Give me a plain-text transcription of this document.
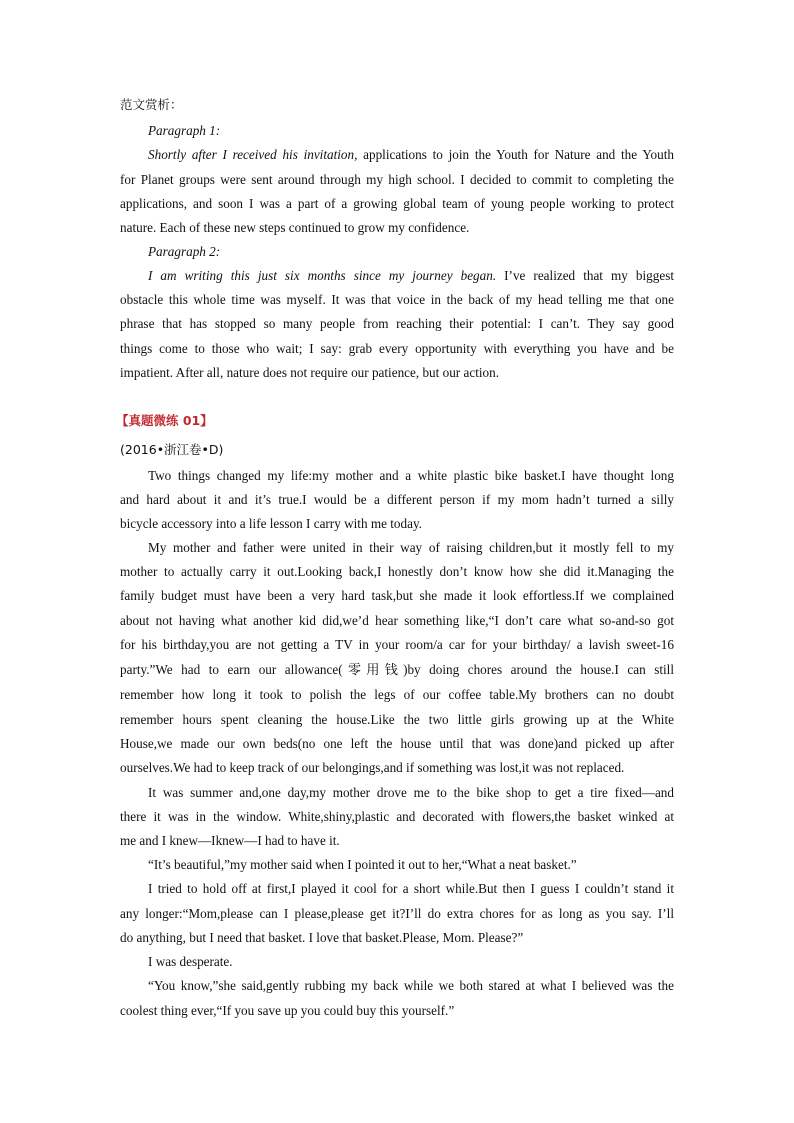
范文赏析：
Paragraph 1:
Shortly after I received his invitation, applications to join the Youth for Nature and the Youth
for Planet groups were sent around through my high school. I decided to commit to completing the
applications, and soon I was a part of a growing global team of young people working to protect
nature. Each of these new steps continued to grow my confidence.
Paragraph 2:
I am writing this just six months since my journey began. I’ve realized that my biggest
obstacle this whole time was myself. It was that voice in the back of my head telling me that one
phrase that has stopped so many people from reaching their potential: I can’t. They say good
things come to those who wait; I say: grab every opportunity with everything you have and be
impatient. After all, nature does not require our patience, but our action.
【真题微练 01】
(2016•浙江卷•D)
Two things changed my life:my mother and a white plastic bike basket.I have thought long
and hard about it and it’s true.I would be a different person if my mom hadn’t turned a silly
bicycle accessory into a life lesson I carry with me today.
My mother and father were united in their way of raising children,but it mostly fell to my
mother to actually carry it out.Looking back,I honestly don’t know how she did it.Managing the
family budget must have been a very hard task,but she made it look effortless.If we complained
about not having what another kid did,we’d hear something like,“I don’t care what so-and-so got
for his birthday,you are not getting a TV in your room/a car for your birthday/ a lavish sweet-16
party.”We had to earn our allowance(零用钱)by doing chores around the house.I can still
remember how long it took to polish the legs of our coffee table.My brothers can no doubt
remember hours spent cleaning the house.Like the two little girls growing up at the White
House,we made our own beds(no one left the house until that was done)and picked up after
ourselves.We had to keep track of our belongings,and if something was lost,it was not replaced.
It was summer and,one day,my mother drove me to the bike shop to get a tire fixed—and
there it was in the window. White,shiny,plastic and decorated with flowers,the basket winked at
me and I knew—Iknew—I had to have it.
“It’s beautiful,”my mother said when I pointed it out to her,“What a neat basket.”
I tried to hold off at first,I played it cool for a short while.But then I guess I couldn’t stand it
any longer:“Mom,please can I please,please get it?I’ll do extra chores for as long as you say. I’ll
do anything, but I need that basket. I love that basket.Please, Mom. Please?”
I was desperate.
“You know,”she said,gently rubbing my back while we both stared at what I believed was the
coolest thing ever,“If you save up you could buy this yourself.”
